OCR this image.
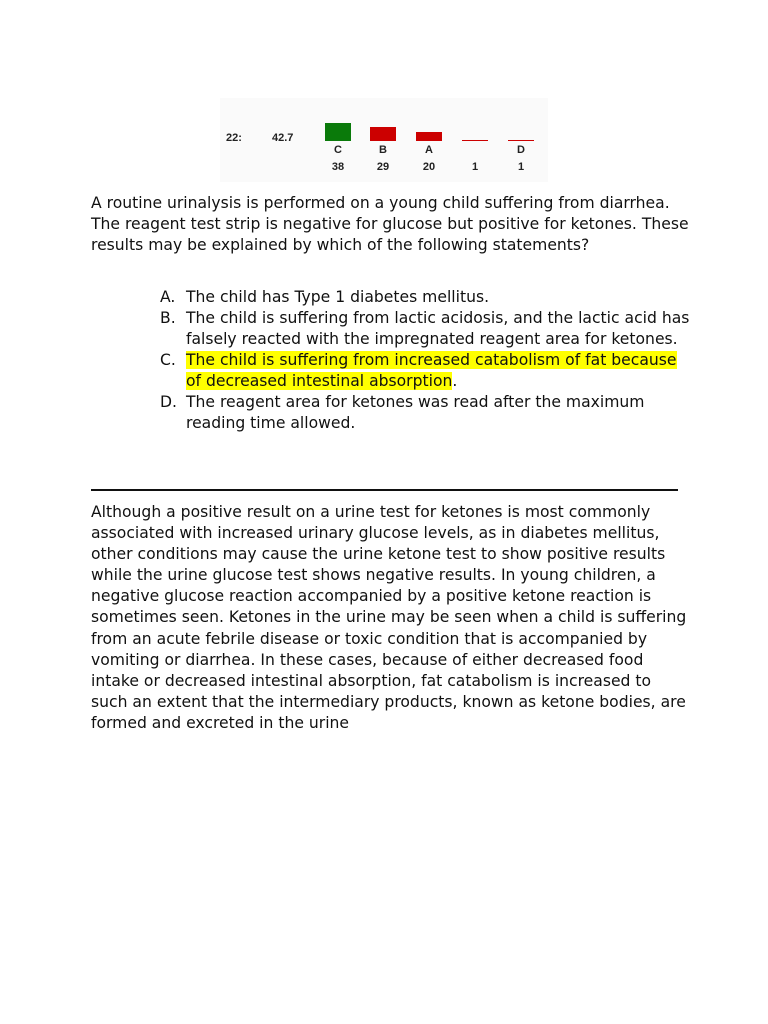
22:	42.7
C
38
B
29
A
20	1
D
1

A routine urinalysis is performed on a young child suffering from diarrhea. The reagent test strip is negative for glucose but positive for ketones. These results may be explained by which of the following statements?

A. The child has Type 1 diabetes mellitus.
B. The child is suffering from lactic acidosis, and the lactic acid has falsely reacted with the impregnated reagent area for ketones.
C. The child is suffering from increased catabolism of fat because of decreased intestinal absorption.
D. The reagent area for ketones was read after the maximum reading time allowed.

Although a positive result on a urine test for ketones is most commonly associated with increased urinary glucose levels, as in diabetes mellitus, other conditions may cause the urine ketone test to show positive results while the urine glucose test shows negative results. In young children, a negative glucose reaction accompanied by a positive ketone reaction is sometimes seen. Ketones in the urine may be seen when a child is suffering from an acute febrile disease or toxic condition that is accompanied by vomiting or diarrhea. In these cases, because of either decreased food intake or decreased intestinal absorption, fat catabolism is increased to such an extent that the intermediary products, known as ketone bodies, are formed and excreted in the urine
